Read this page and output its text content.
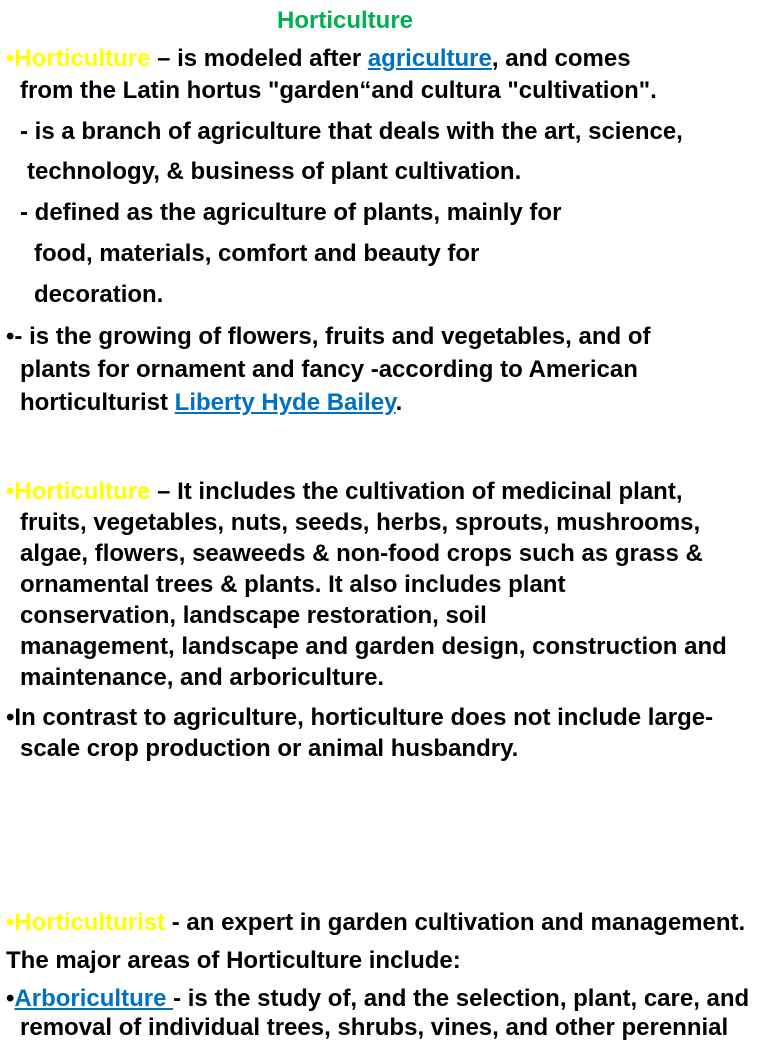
Horticulture
•Horticulture – is modeled after agriculture, and comes
from the Latin hortus "garden“and cultura "cultivation".
- is a branch of agriculture that deals with the art, science,
technology, & business of plant cultivation.
- defined as the agriculture of plants, mainly for
food, materials, comfort and beauty for
decoration.
•- is the growing of flowers, fruits and vegetables, and of
plants for ornament and fancy -according to American
horticulturist Liberty Hyde Bailey.
•Horticulture – It includes the cultivation of medicinal plant,
fruits, vegetables, nuts, seeds, herbs, sprouts, mushrooms,
algae, flowers, seaweeds & non-food crops such as grass &
ornamental trees & plants. It also includes plant
conservation, landscape restoration, soil
management, landscape and garden design, construction and
maintenance, and arboriculture.
•In contrast to agriculture, horticulture does not include large-
scale crop production or animal husbandry.
•Horticulturist - an expert in garden cultivation and management.
The major areas of Horticulture include:
•Arboriculture - is the study of, and the selection, plant, care, and
removal of individual trees, shrubs, vines, and other perennial
